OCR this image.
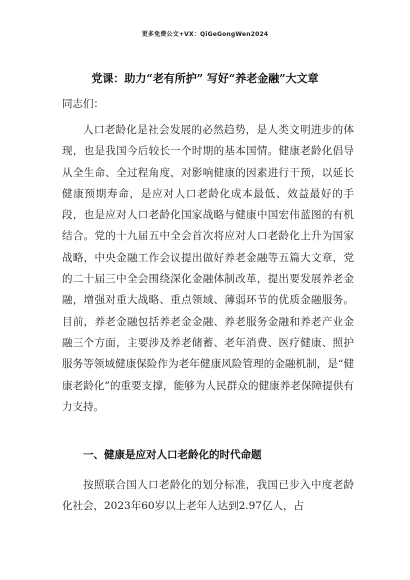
更多免费公文+VX：QiGeGongWen2024
党课：助力“老有所护” 写好“养老金融”大文章
同志们：

人口老龄化是社会发展的必然趋势，是人类文明进步的体现，也是我国今后较长一个时期的基本国情。健康老龄化倡导从全生命、全过程角度，对影响健康的因素进行干预，以延长健康预期寿命，是应对人口老龄化成本最低、效益最好的手段，也是应对人口老龄化国家战略与健康中国宏伟蓝图的有机结合。党的十九届五中全会首次将应对人口老龄化上升为国家战略，中央金融工作会议提出做好养老金融等五篇大文章，党的二十届三中全会围绕深化金融体制改革，提出要发展养老金融，增强对重大战略、重点领域、薄弱环节的优质金融服务。目前，养老金融包括养老金金融、养老服务金融和养老产业金融三个方面，主要涉及养老储蓄、老年消费、医疗健康、照护服务等领域健康保险作为老年健康风险管理的金融机制，是“健康老龄化”的重要支撑，能够为人民群众的健康养老保障提供有力支持。

一、健康是应对人口老龄化的时代命题

按照联合国人口老龄化的划分标准，我国已步入中度老龄化社会，2023年60岁以上老年人达到2.97亿人，占
